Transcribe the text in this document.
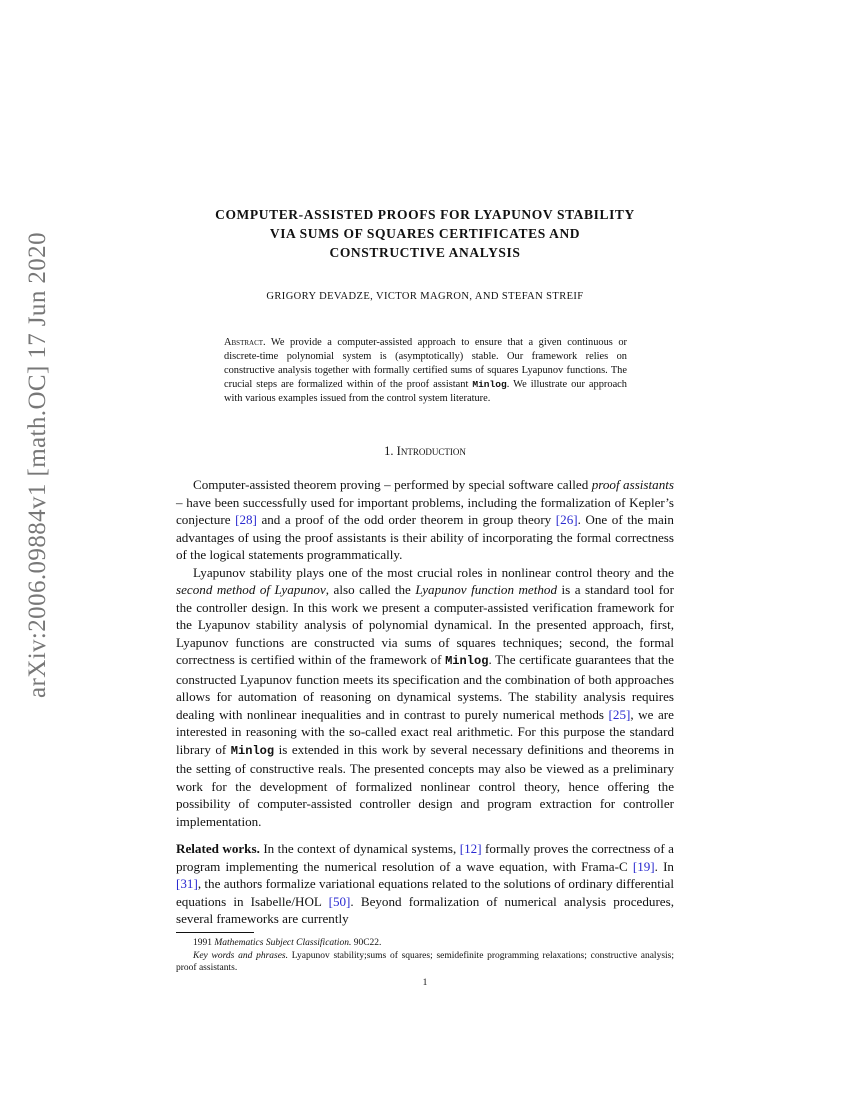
arXiv:2006.09884v1 [math.OC] 17 Jun 2020
COMPUTER-ASSISTED PROOFS FOR LYAPUNOV STABILITY
VIA SUMS OF SQUARES CERTIFICATES AND
CONSTRUCTIVE ANALYSIS
GRIGORY DEVADZE, VICTOR MAGRON, AND STEFAN STREIF
Abstract. We provide a computer-assisted approach to ensure that a given continuous or discrete-time polynomial system is (asymptotically) stable. Our framework relies on constructive analysis together with formally certified sums of squares Lyapunov functions. The crucial steps are formalized within of the proof assistant Minlog. We illustrate our approach with various examples issued from the control system literature.
1. Introduction

Computer-assisted theorem proving – performed by special software called proof assistants – have been successfully used for important problems, including the formalization of Kepler’s conjecture [28] and a proof of the odd order theorem in group theory [26]. One of the main advantages of using the proof assistants is their ability of incorporating the formal correctness of the logical statements programmatically.

Lyapunov stability plays one of the most crucial roles in nonlinear control theory and the second method of Lyapunov, also called the Lyapunov function method is a standard tool for the controller design. In this work we present a computer-assisted verification framework for the Lyapunov stability analysis of polynomial dynamical. In the presented approach, first, Lyapunov functions are constructed via sums of squares techniques; second, the formal correctness is certified within of the framework of Minlog. The certificate guarantees that the constructed Lyapunov function meets its specification and the combination of both approaches allows for automation of reasoning on dynamical systems. The stability analysis requires dealing with nonlinear inequalities and in contrast to purely numerical methods [25], we are interested in reasoning with the so-called exact real arithmetic. For this purpose the standard library of Minlog is extended in this work by several necessary definitions and theorems in the setting of constructive reals. The presented concepts may also be viewed as a preliminary work for the development of formalized nonlinear control theory, hence offering the possibility of computer-assisted controller design and program extraction for controller implementation.

Related works. In the context of dynamical systems, [12] formally proves the correctness of a program implementing the numerical resolution of a wave equation, with Frama-C [19]. In [31], the authors formalize variational equations related to the solutions of ordinary differential equations in Isabelle/HOL [50]. Beyond formalization of numerical analysis procedures, several frameworks are currently

1991 Mathematics Subject Classification. 90C22.

Key words and phrases. Lyapunov stability;sums of squares; semidefinite programming relaxations; constructive analysis; proof assistants.

1
